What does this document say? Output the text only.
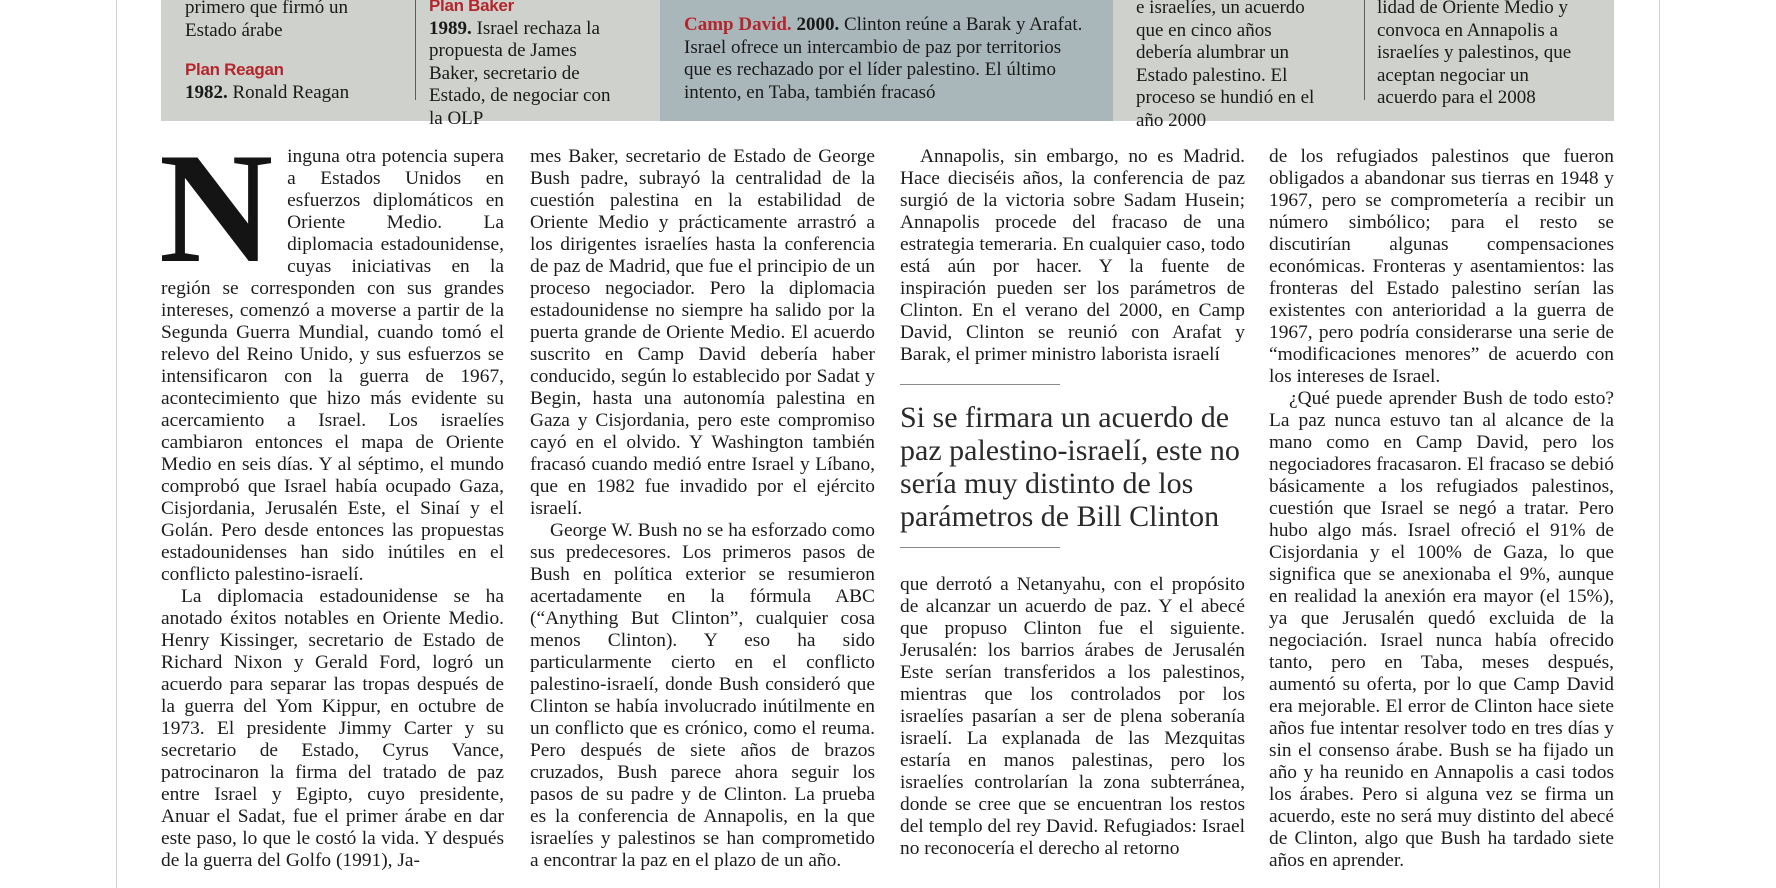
primero que firmó un
Estado árabe
Plan Reagan
1982. Ronald Reagan
Plan Baker
1989. Israel rechaza la propuesta de James Baker, secretario de Estado, de negociar con la OLP
Camp David. 2000. Clinton reúne a Barak y Arafat. Israel ofrece un intercambio de paz por territorios que es rechazado por el líder palestino. El último intento, en Taba, también fracasó
e israelíes, un acuerdo que en cinco años debería alumbrar un Estado palestino. El proceso se hundió en el año 2000
lidad de Oriente Medio y convoca en Annapolis a israelíes y palestinos, que aceptan negociar un acuerdo para el 2008

Ninguna otra potencia supera a Estados Unidos en esfuerzos diplomáticos en Oriente Medio. La diplomacia estadounidense, cuyas iniciativas en la región se corresponden con sus grandes intereses, comenzó a moverse a partir de la Segunda Guerra Mundial, cuando tomó el relevo del Reino Unido, y sus esfuerzos se intensificaron con la guerra de 1967, acontecimiento que hizo más evidente su acercamiento a Israel. Los israelíes cambiaron entonces el mapa de Oriente Medio en seis días. Y al séptimo, el mundo comprobó que Israel había ocupado Gaza, Cisjordania, Jerusalén Este, el Sinaí y el Golán. Pero desde entonces las propuestas estadounidenses han sido inútiles en el conflicto palestino-israelí.

La diplomacia estadounidense se ha anotado éxitos notables en Oriente Medio. Henry Kissinger, secretario de Estado de Richard Nixon y Gerald Ford, logró un acuerdo para separar las tropas después de la guerra del Yom Kippur, en octubre de 1973. El presidente Jimmy Carter y su secretario de Estado, Cyrus Vance, patrocinaron la firma del tratado de paz entre Israel y Egipto, cuyo presidente, Anuar el Sadat, fue el primer árabe en dar este paso, lo que le costó la vida. Y después de la guerra del Golfo (1991), Ja-

mes Baker, secretario de Estado de George Bush padre, subrayó la centralidad de la cuestión palestina en la estabilidad de Oriente Medio y prácticamente arrastró a los dirigentes israelíes hasta la conferencia de paz de Madrid, que fue el principio de un proceso negociador. Pero la diplomacia estadounidense no siempre ha salido por la puerta grande de Oriente Medio. El acuerdo suscrito en Camp David debería haber conducido, según lo establecido por Sadat y Begin, hasta una autonomía palestina en Gaza y Cisjordania, pero este compromiso cayó en el olvido. Y Washington también fracasó cuando medió entre Israel y Líbano, que en 1982 fue invadido por el ejército israelí.

George W. Bush no se ha esforzado como sus predecesores. Los primeros pasos de Bush en política exterior se resumieron acertadamente en la fórmula ABC (“Anything But Clinton”, cualquier cosa menos Clinton). Y eso ha sido particularmente cierto en el conflicto palestino-israelí, donde Bush consideró que Clinton se había involucrado inútilmente en un conflicto que es crónico, como el reuma. Pero después de siete años de brazos cruzados, Bush parece ahora seguir los pasos de su padre y de Clinton. La prueba es la conferencia de Annapolis, en la que israelíes y palestinos se han comprometido a encontrar la paz en el plazo de un año.

Annapolis, sin embargo, no es Madrid. Hace dieciséis años, la conferencia de paz surgió de la victoria sobre Sadam Husein; Annapolis procede del fracaso de una estrategia temeraria. En cualquier caso, todo está aún por hacer. Y la fuente de inspiración pueden ser los parámetros de Clinton. En el verano del 2000, en Camp David, Clinton se reunió con Arafat y Barak, el primer ministro laborista israelí

Si se firmara un acuerdo de paz palestino-israelí, este no sería muy distinto de los parámetros de Bill Clinton

que derrotó a Netanyahu, con el propósito de alcanzar un acuerdo de paz. Y el abecé que propuso Clinton fue el siguiente. Jerusalén: los barrios árabes de Jerusalén Este serían transferidos a los palestinos, mientras que los controlados por los israelíes pasarían a ser de plena soberanía israelí. La explanada de las Mezquitas estaría en manos palestinas, pero los israelíes controlarían la zona subterránea, donde se cree que se encuentran los restos del templo del rey David. Refugiados: Israel no reconocería el derecho al retorno

de los refugiados palestinos que fueron obligados a abandonar sus tierras en 1948 y 1967, pero se comprometería a recibir un número simbólico; para el resto se discutirían algunas compensaciones económicas. Fronteras y asentamientos: las fronteras del Estado palestino serían las existentes con anterioridad a la guerra de 1967, pero podría considerarse una serie de “modificaciones menores” de acuerdo con los intereses de Israel.

¿Qué puede aprender Bush de todo esto? La paz nunca estuvo tan al alcance de la mano como en Camp David, pero los negociadores fracasaron. El fracaso se debió básicamente a los refugiados palestinos, cuestión que Israel se negó a tratar. Pero hubo algo más. Israel ofreció el 91% de Cisjordania y el 100% de Gaza, lo que significa que se anexionaba el 9%, aunque en realidad la anexión era mayor (el 15%), ya que Jerusalén quedó excluida de la negociación. Israel nunca había ofrecido tanto, pero en Taba, meses después, aumentó su oferta, por lo que Camp David era mejorable. El error de Clinton hace siete años fue intentar resolver todo en tres días y sin el consenso árabe. Bush se ha fijado un año y ha reunido en Annapolis a casi todos los árabes. Pero si alguna vez se firma un acuerdo, este no será muy distinto del abecé de Clinton, algo que Bush ha tardado siete años en aprender.
